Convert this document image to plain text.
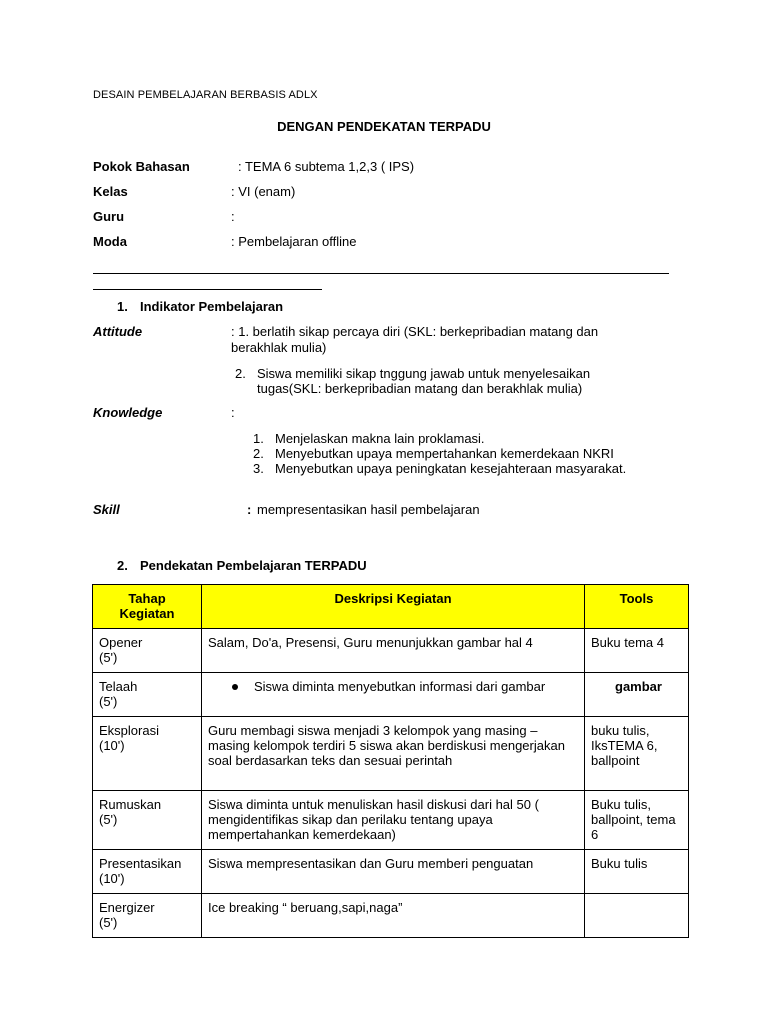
DESAIN PEMBELAJARAN BERBASIS ADLX
DENGAN PENDEKATAN TERPADU
Pokok Bahasan	: TEMA 6 subtema 1,2,3 ( IPS)
Kelas	: VI (enam)
Guru	:
Moda	: Pembelajaran offline
1. Indikator Pembelajaran
Attitude	: 1. berlatih sikap percaya diri (SKL: berkepribadian matang dan
berakhlak mulia)
2. Siswa memiliki sikap tnggung jawab untuk menyelesaikan
tugas(SKL: berkepribadian matang dan berakhlak mulia)
Knowledge	:
1. Menjelaskan makna lain proklamasi.
2. Menyebutkan upaya mempertahankan kemerdekaan NKRI
3. Menyebutkan upaya peningkatan kesejahteraan masyarakat.
Skill	: mempresentasikan hasil pembelajaran
2. Pendekatan Pembelajaran TERPADU
Tahap
Kegiatan	Deskripsi Kegiatan	Tools
Opener
(5')	Salam, Do'a, Presensi, Guru menunjukkan gambar hal 4	Buku tema 4
Telaah
(5')	Siswa diminta menyebutkan informasi dari gambar	gambar
Eksplorasi
(10')	Guru membagi siswa menjadi 3 kelompok yang masing – masing kelompok terdiri 5 siswa akan berdiskusi mengerjakan soal berdasarkan teks dan sesuai perintah	buku tulis, IksTEMA 6, ballpoint
Rumuskan
(5')	Siswa diminta untuk menuliskan hasil diskusi dari hal 50 ( mengidentifikas sikap dan perilaku tentang upaya mempertahankan kemerdekaan)	Buku tulis, ballpoint, tema 6
Presentasikan
(10')	Siswa mempresentasikan dan Guru memberi penguatan	Buku tulis
Energizer
(5')	Ice breaking “ beruang,sapi,naga”	
